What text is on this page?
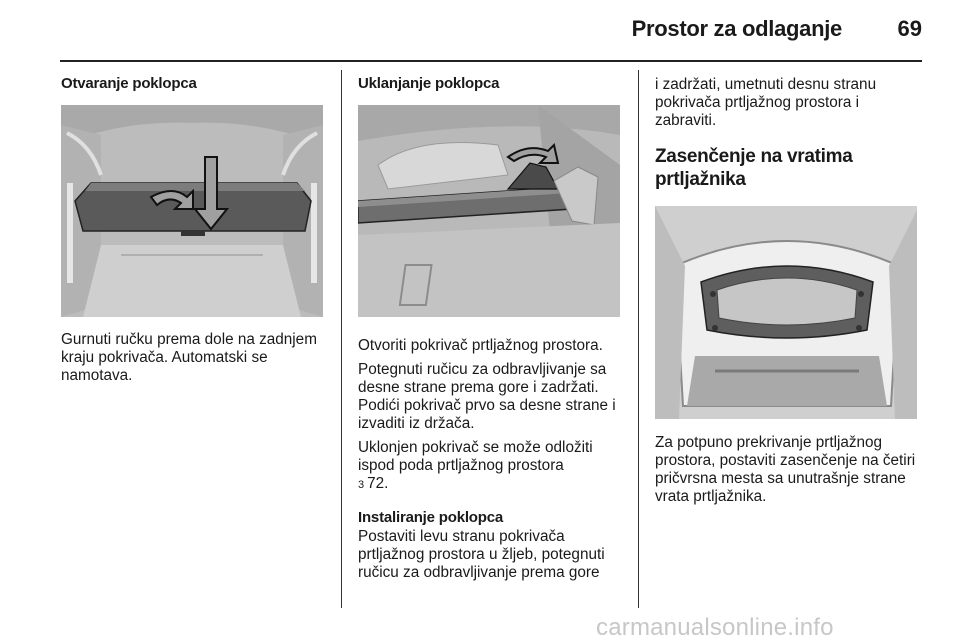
Prostor za odlaganje	69
Otvaranje poklopca

Gurnuti ručku prema dole na zadnjem kraju pokrivača. Automatski se namotava.

Uklanjanje poklopca

Otvoriti pokrivač prtljažnog prostora.

Potegnuti ručicu za odbravljivanje sa desne strane prema gore i zadržati. Podići pokrivač prvo sa desne strane i izvaditi iz držača.

Uklonjen pokrivač se može odložiti ispod poda prtljažnog prostora
3 72.

Instaliranje poklopca

Postaviti levu stranu pokrivača prtljažnog prostora u žljeb, potegnuti ručicu za odbravljivanje prema gore

i zadržati, umetnuti desnu stranu pokrivača prtljažnog prostora i zabraviti.

Zasenčenje na vratima prtljažnika

Za potpuno prekrivanje prtljažnog prostora, postaviti zasenčenje na četiri pričvrsna mesta sa unutrašnje strane vrata prtljažnika.

carmanualsonline.info
